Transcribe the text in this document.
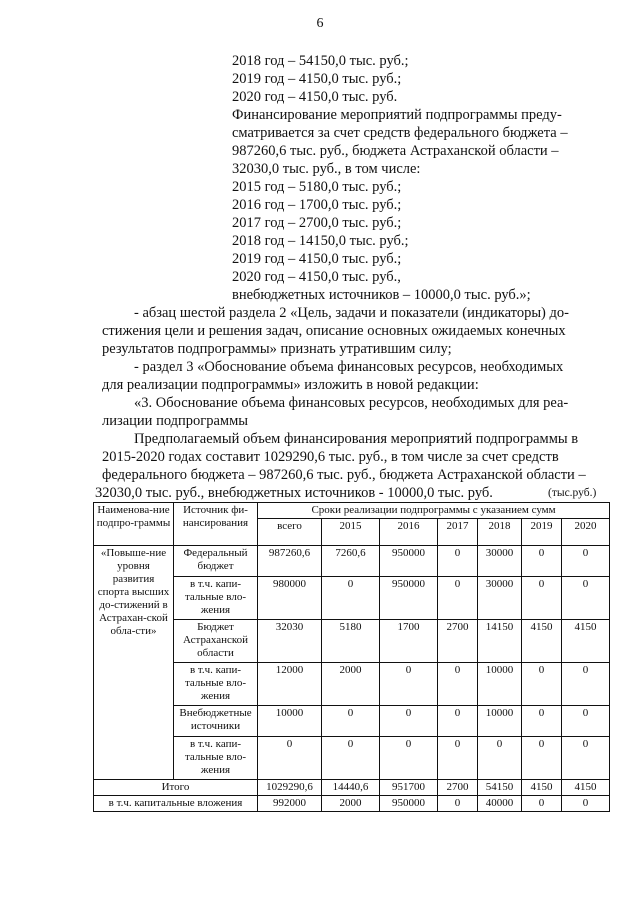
6
2018 год – 54150,0 тыс. руб.;
2019 год – 4150,0 тыс. руб.;
2020 год – 4150,0 тыс. руб.
Финансирование мероприятий подпрограммы преду-
сматривается за счет средств федерального бюджета –
987260,6 тыс. руб., бюджета Астраханской области –
32030,0 тыс. руб., в том числе:
2015 год – 5180,0 тыс. руб.;
2016 год – 1700,0 тыс. руб.;
2017 год – 2700,0 тыс. руб.;
2018 год – 14150,0 тыс. руб.;
2019 год – 4150,0 тыс. руб.;
2020 год – 4150,0 тыс. руб.,
внебюджетных источников – 10000,0 тыс. руб.»;
- абзац шестой раздела 2 «Цель, задачи и показатели (индикаторы) до-
стижения цели и решения задач, описание основных ожидаемых конечных
результатов подпрограммы» признать утратившим силу;
- раздел 3 «Обоснование объема финансовых ресурсов, необходимых
для реализации подпрограммы» изложить в новой редакции:
«3. Обоснование объема финансовых ресурсов, необходимых для реа-
лизации подпрограммы
Предполагаемый объем финансирования мероприятий подпрограммы в
2015-2020 годах составит 1029290,6 тыс. руб., в том числе за счет средств
федерального бюджета – 987260,6 тыс. руб., бюджета Астраханской области –
32030,0 тыс. руб., внебюджетных источников - 10000,0 тыс. руб.	(тыс.руб.)
Наименова-ние подпро-граммы	Источник фи-нансирования	Сроки реализации подпрограммы с указанием сумм						
		всего	2015	2016	2017	2018	2019	2020
«Повыше-ние уровня развития спорта высших до-стижений в Астрахан-ской обла-сти»	Федеральный бюджет	987260,6	7260,6	950000	0	30000	0	0
	в т.ч. капи-тальные вло-жения	980000	0	950000	0	30000	0	0
	Бюджет Астраханской области	32030	5180	1700	2700	14150	4150	4150
	в т.ч. капи-тальные вло-жения	12000	2000	0	0	10000	0	0
	Внебюджетные источники	10000	0	0	0	10000	0	0
	в т.ч. капи-тальные вло-жения	0	0	0	0	0	0	0
Итого		1029290,6	14440,6	951700	2700	54150	4150	4150
в т.ч. капитальные вложения		992000	2000	950000	0	40000	0	0
